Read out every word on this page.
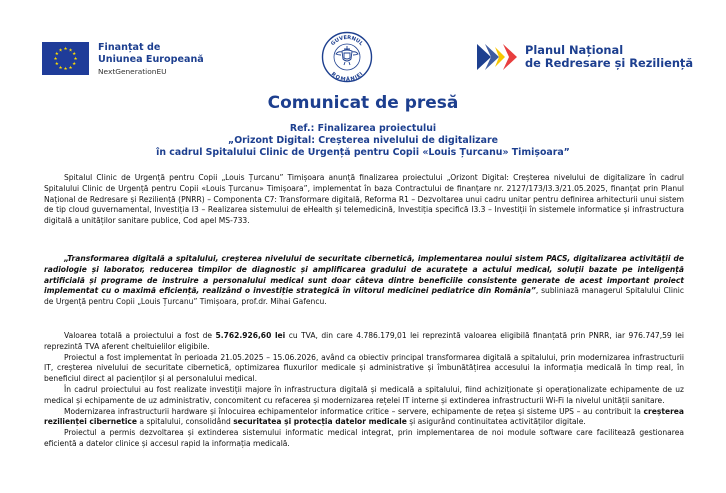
★ ★
★
★
★
★
★
★
★
★
★
★	Finanțat de
Uniunea Europeană
NextGenerationEU
GUVERNUL
ROMÂNIEI
Planul Național
de Redresare și Reziliență
Comunicat de presă
Ref.: Finalizarea proiectului
„Orizont Digital: Creșterea nivelului de digitalizare
în cadrul Spitalului Clinic de Urgență pentru Copii «Louis Țurcanu» Timișoara”

Spitalul Clinic de Urgență pentru Copii „Louis Țurcanu” Timișoara anunță finalizarea proiectului „Orizont Digital: Creșterea nivelului de digitalizare în cadrul Spitalului Clinic de Urgență pentru Copii «Louis Țurcanu» Timișoara”, implementat în baza Contractului de finanțare nr. 2127/173/I3.3/21.05.2025, finanțat prin Planul Național de Redresare și Reziliență (PNRR) – Componenta C7: Transformare digitală, Reforma R1 – Dezvoltarea unui cadru unitar pentru definirea arhitecturii unui sistem de tip cloud guvernamental, Investiția I3 – Realizarea sistemului de eHealth și telemedicină, Investiția specifică I3.3 – Investiții în sistemele informatice și infrastructura digitală a unităților sanitare publice, Cod apel MS-733.

„Transformarea digitală a spitalului, creșterea nivelului de securitate cibernetică, implementarea noului sistem PACS, digitalizarea activității de radiologie și laborator, reducerea timpilor de diagnostic și amplificarea gradului de acuratețe a actului medical, soluții bazate pe inteligență artificială și programe de instruire a personalului medical sunt doar câteva dintre beneficiile consistente generate de acest important proiect implementat cu o maximă eficiență, realizând o investiție strategică în viitorul medicinei pediatrice din România”, subliniază managerul Spitalului Clinic de Urgență pentru Copii „Louis Țurcanu” Timișoara, prof.dr. Mihai Gafencu.

Valoarea totală a proiectului a fost de 5.762.926,60 lei cu TVA, din care 4.786.179,01 lei reprezintă valoarea eligibilă finanțată prin PNRR, iar 976.747,59 lei reprezintă TVA aferent cheltuielilor eligibile.

Proiectul a fost implementat în perioada 21.05.2025 – 15.06.2026, având ca obiectiv principal transformarea digitală a spitalului, prin modernizarea infrastructurii IT, creșterea nivelului de securitate cibernetică, optimizarea fluxurilor medicale și administrative și îmbunătățirea accesului la informația medicală în timp real, în beneficiul direct al pacienților și al personalului medical.

În cadrul proiectului au fost realizate investiții majore în infrastructura digitală și medicală a spitalului, fiind achiziționate și operaționalizate echipamente de uz medical și echipamente de uz administrativ, concomitent cu refacerea și modernizarea rețelei IT interne și extinderea infrastructurii Wi-Fi la nivelul unității sanitare.

Modernizarea infrastructurii hardware și înlocuirea echipamentelor informatice critice – servere, echipamente de rețea și sisteme UPS – au contribuit la creșterea rezilienței cibernetice a spitalului, consolidând securitatea și protecția datelor medicale și asigurând continuitatea activităților digitale.

Proiectul a permis dezvoltarea și extinderea sistemului informatic medical integrat, prin implementarea de noi module software care facilitează gestionarea eficientă a datelor clinice și accesul rapid la informația medicală.
